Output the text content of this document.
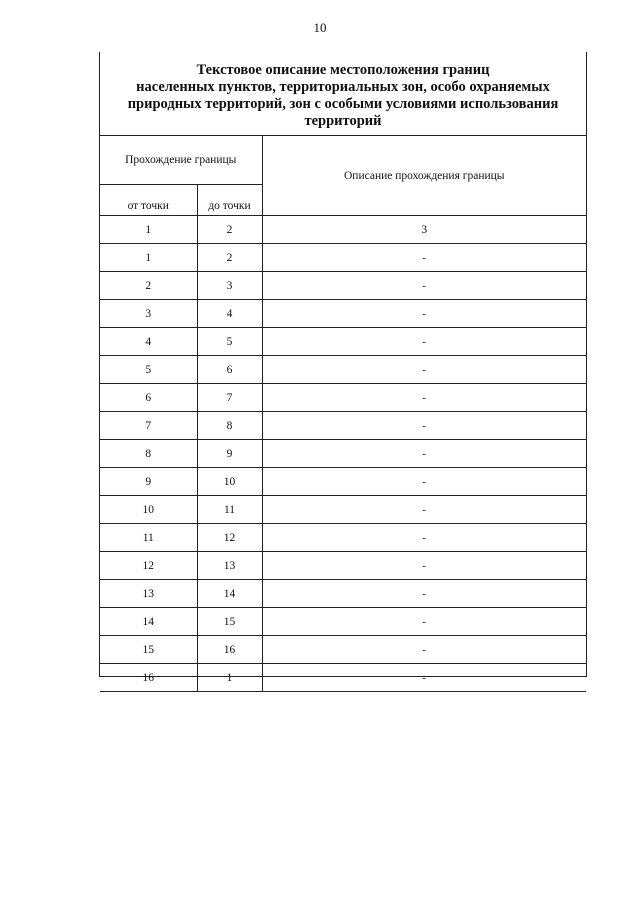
10
Текстовое описание местоположения границ
населенных пунктов, территориальных зон, особо охраняемых
природных территорий, зон с особыми условиями использования
территорий
Прохождение границы		Описание прохождения границы
от точки	до точки	
1	2	3
1	2	-
2	3	-
3	4	-
4	5	-
5	6	-
6	7	-
7	8	-
8	9	-
9	10	-
10	11	-
11	12	-
12	13	-
13	14	-
14	15	-
15	16	-
16	1	-
